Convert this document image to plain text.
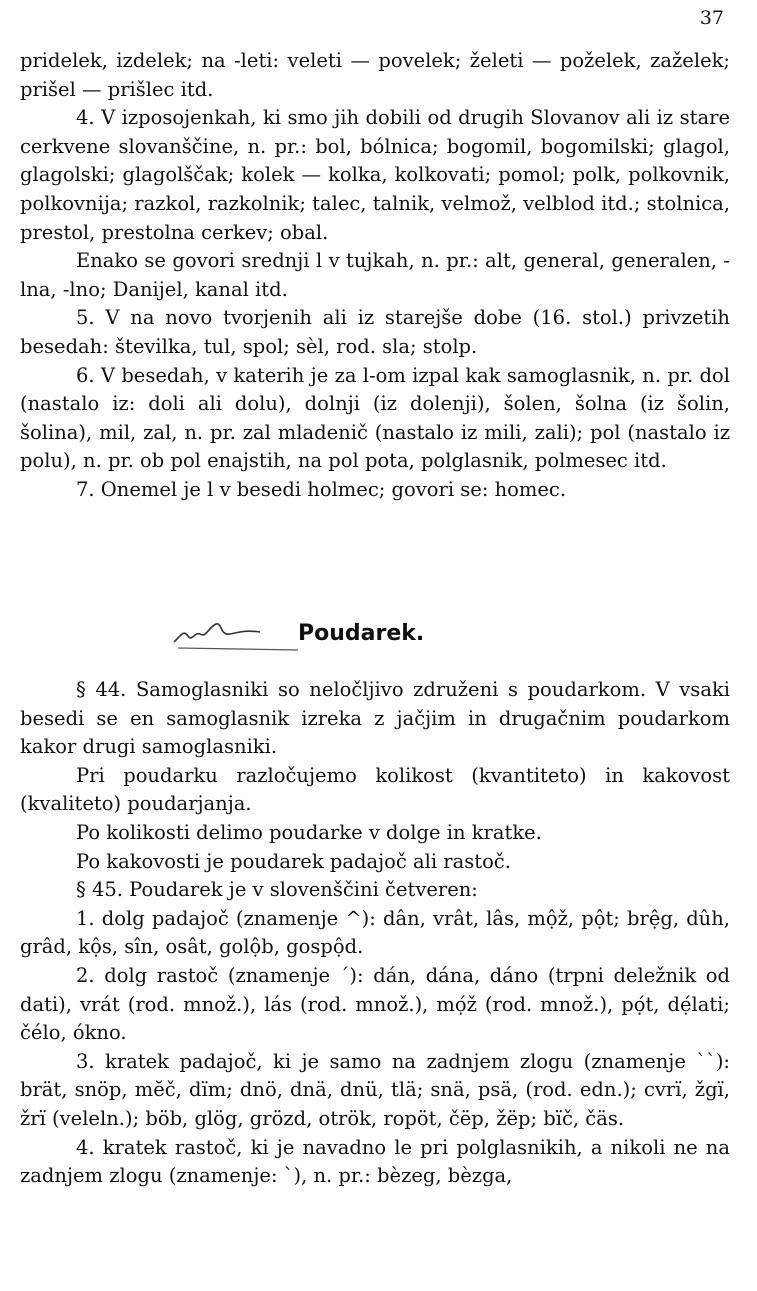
37

pridelek, izdelek; na -leti: veleti — povelek; želeti — poželek, zaželek; prišel — prišlec itd.

4. V izposojenkah, ki smo jih dobili od drugih Slovanov ali iz stare cerkvene slovanščine, n. pr.: bol, bólnica; bogomil, bogomilski; glagol, glagolski; glagolščak; kolek — kolka, kolkovati; pomol; polk, polkovnik, polkovnija; razkol, razkolnik; talec, talnik, velmož, velblod itd.; stolnica, prestol, prestolna cerkev; obal.

Enako se govori srednji l v tujkah, n. pr.: alt, general, generalen, -lna, -lno; Danijel, kanal itd.

5. V na novo tvorjenih ali iz starejše dobe (16. stol.) privzetih besedah: številka, tul, spol; sèl, rod. sla; stolp.

6. V besedah, v katerih je za l-om izpal kak samoglasnik, n. pr. dol (nastalo iz: doli ali dolu), dolnji (iz dolenji), šolen, šolna (iz šolin, šolina), mil, zal, n. pr. zal mladenič (nastalo iz mili, zali); pol (nastalo iz polu), n. pr. ob pol enajstih, na pol pota, polglasnik, polmesec itd.

7. Onemel je l v besedi holmec; govori se: homec.

Poudarek.

§ 44. Samoglasniki so neločljivo združeni s poudarkom. V vsaki besedi se en samoglasnik izreka z jačjim in drugačnim poudarkom kakor drugi samoglasniki.

Pri poudarku razločujemo kolikost (kvantiteto) in kakovost (kvaliteto) poudarjanja.

Po kolikosti delimo poudarke v dolge in kratke.

Po kakovosti je poudarek padajoč ali rastoč.

§ 45. Poudarek je v slovenščini četveren:

1. dolg padajoč (znamenje ^): dân, vrât, lâs, mộž, pột; brệg, dûh, grâd, kộs, sîn, osât, golộb, gospộd.

2. dolg rastoč (znamenje ´): dán, dána, dáno (trpni deležnik od dati), vrát (rod. množ.), lás (rod. množ.), mọ́ž (rod. množ.), pọ́t, dẹ́lati; čélo, ókno.

3. kratek padajoč, ki je samo na zadnjem zlogu (znamenje ``): brät, snöp, mĕč, dïm; dnö, dnä, dnü, tlä; snä, psä, (rod. edn.); cvrï, žgï, žrï (veleln.); böb, glög, grözd, otrök, ropöt, čëp, žëp; bïč, čäs.

4. kratek rastoč, ki je navadno le pri polglasnikih, a nikoli ne na zadnjem zlogu (znamenje: `), n. pr.: bèzeg, bèzga,
